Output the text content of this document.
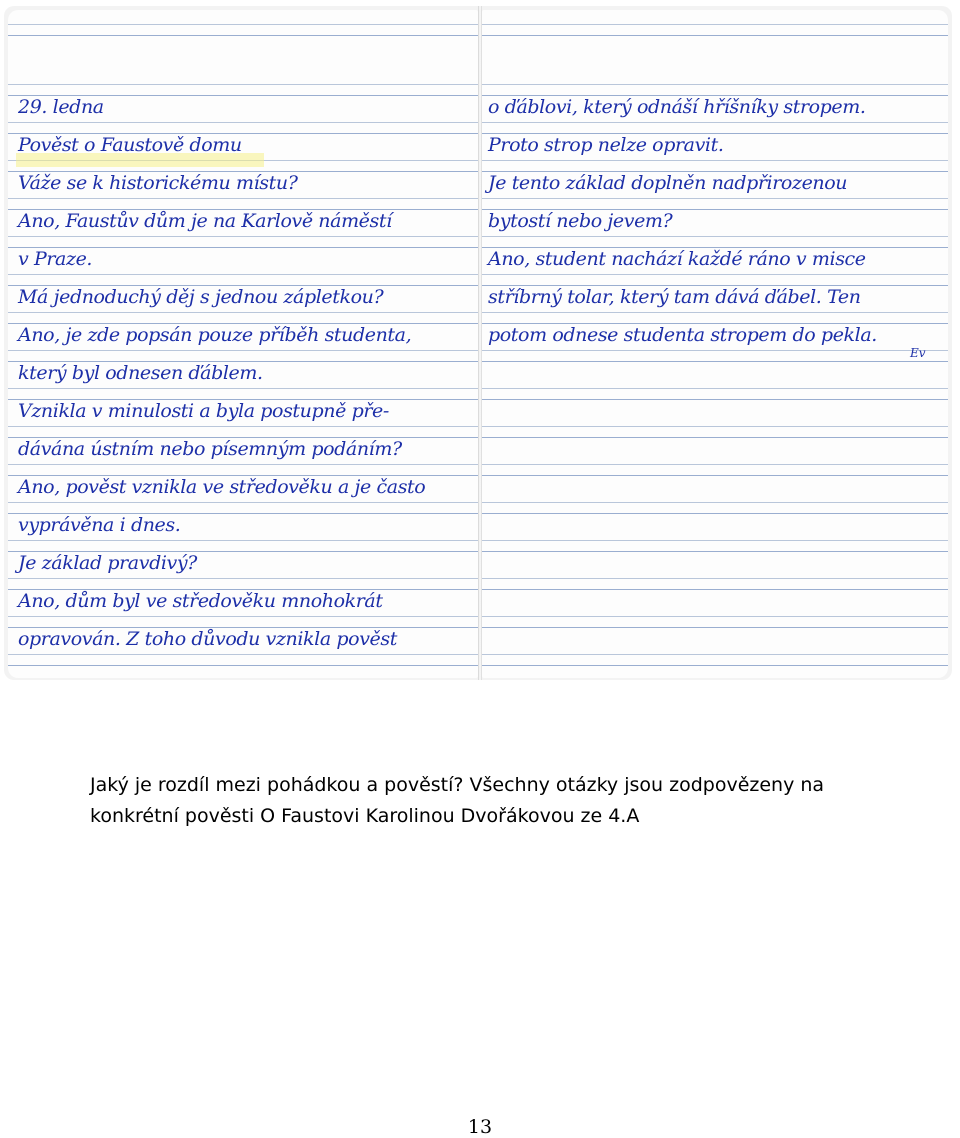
29. ledna
Pověst o Faustově domu
Váže se k historickému místu?
Ano, Faustův dům je na Karlově náměstí
v Praze.
Má jednoduchý děj s jednou zápletkou?
Ano, je zde popsán pouze příběh studenta,
který byl odnesen ďáblem.
Vznikla v minulosti a byla postupně pře-
dávána ústním nebo písemným podáním?
Ano, pověst vznikla ve středověku a je často
vyprávěna i dnes.
Je základ pravdivý?
Ano, dům byl ve středověku mnohokrát
opravován. Z toho důvodu vznikla pověst
o ďáblovi, který odnáší hříšníky stropem.
Proto strop nelze opravit.
Je tento základ doplněn nadpřirozenou
bytostí nebo jevem?
Ano, student nachází každé ráno v misce
stříbrný tolar, který tam dává ďábel. Ten
potom odnese studenta stropem do pekla.
Ev
Jaký je rozdíl mezi pohádkou a pověstí? Všechny otázky jsou zodpovězeny na
konkrétní pověsti O Faustovi Karolinou Dvořákovou ze 4.A
13
